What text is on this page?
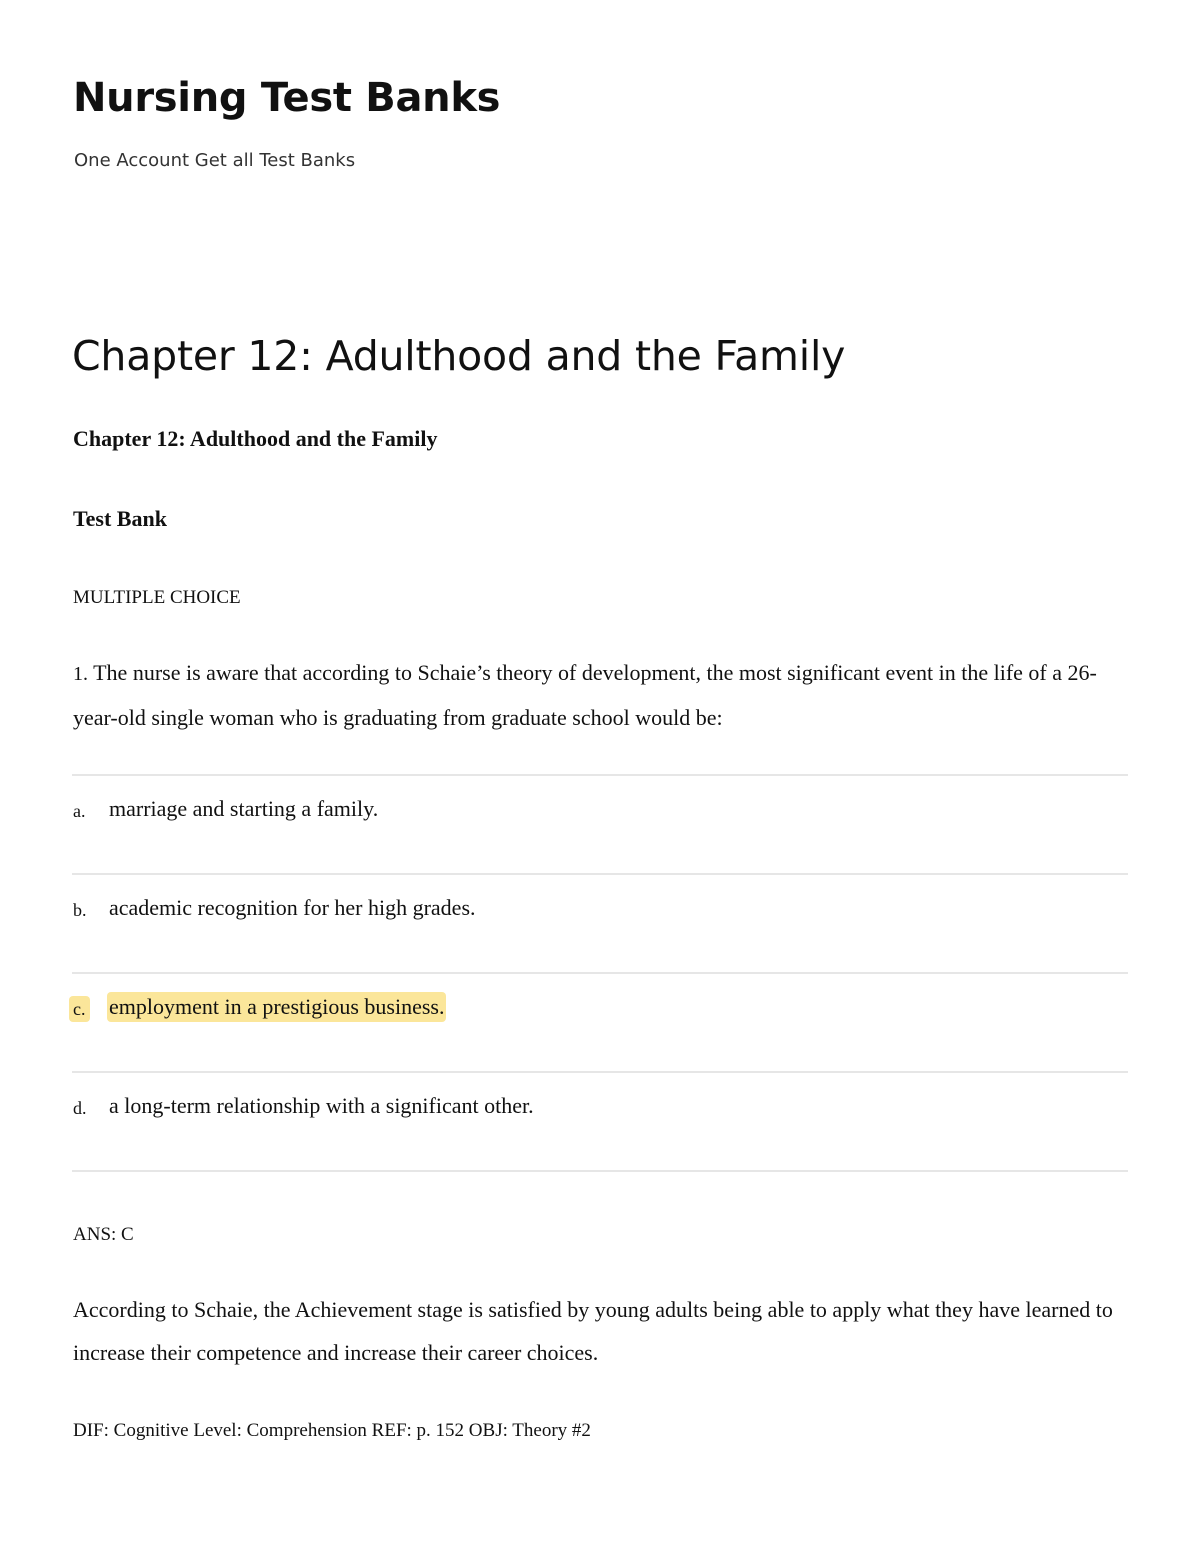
Nursing Test Banks
One Account Get all Test Banks
Chapter 12: Adulthood and the Family

Chapter 12: Adulthood and the Family

Test Bank

MULTIPLE CHOICE

1. The nurse is aware that according to Schaie’s theory of development, the most significant event in the life of a 26-year-old single woman who is graduating from graduate school would be:

a. marriage and starting a family.
b. academic recognition for her high grades.
c. employment in a prestigious business.
d. a long-term relationship with a significant other.
ANS: C

According to Schaie, the Achievement stage is satisfied by young adults being able to apply what they have learned to increase their competence and increase their career choices.

DIF: Cognitive Level: Comprehension REF: p. 152 OBJ: Theory #2
